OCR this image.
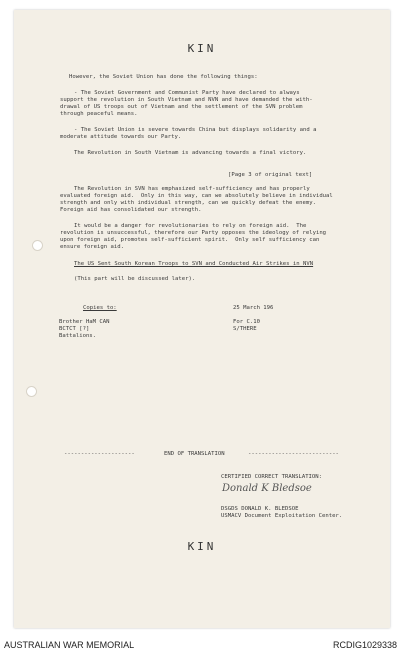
KIN
However, the Soviet Union has done the following things:
- The Soviet Government and Communist Party have declared to always
support the revolution in South Vietnam and NVN and have demanded the with-
drawal of US troops out of Vietnam and the settlement of the SVN problem
through peaceful means.
- The Soviet Union is severe towards China but displays solidarity and a
moderate attitude towards our Party.
The Revolution in South Vietnam is advancing towards a final victory.
[Page 3 of original text]
The Revolution in SVN has emphasized self-sufficiency and has properly
evaluated foreign aid.  Only in this way, can we absolutely believe in individual
strength and only with individual strength, can we quickly defeat the enemy.
Foreign aid has consolidated our strength.
It would be a danger for revolutionaries to rely on foreign aid.  The
revolution is unsuccessful, therefore our Party opposes the ideology of relying
upon foreign aid, promotes self-sufficient spirit.  Only self sufficiency can
ensure foreign aid.
The US Sent South Korean Troops to SVN and Conducted Air Strikes in NVN
(This part will be discussed later).
Copies to:	25 March 196
Brother HaM CAN	For C.10
BCTCT [?]	S/THERE
Battalions.
---------------------	END OF TRANSLATION	---------------------------
CERTIFIED CORRECT TRANSLATION:
DSGDS DONALD K. BLEDSOE
USMACV Document Exploitation Center.
KIN
Donald K Bledsoe
AUSTRALIAN WAR MEMORIAL	RCDIG1029338
